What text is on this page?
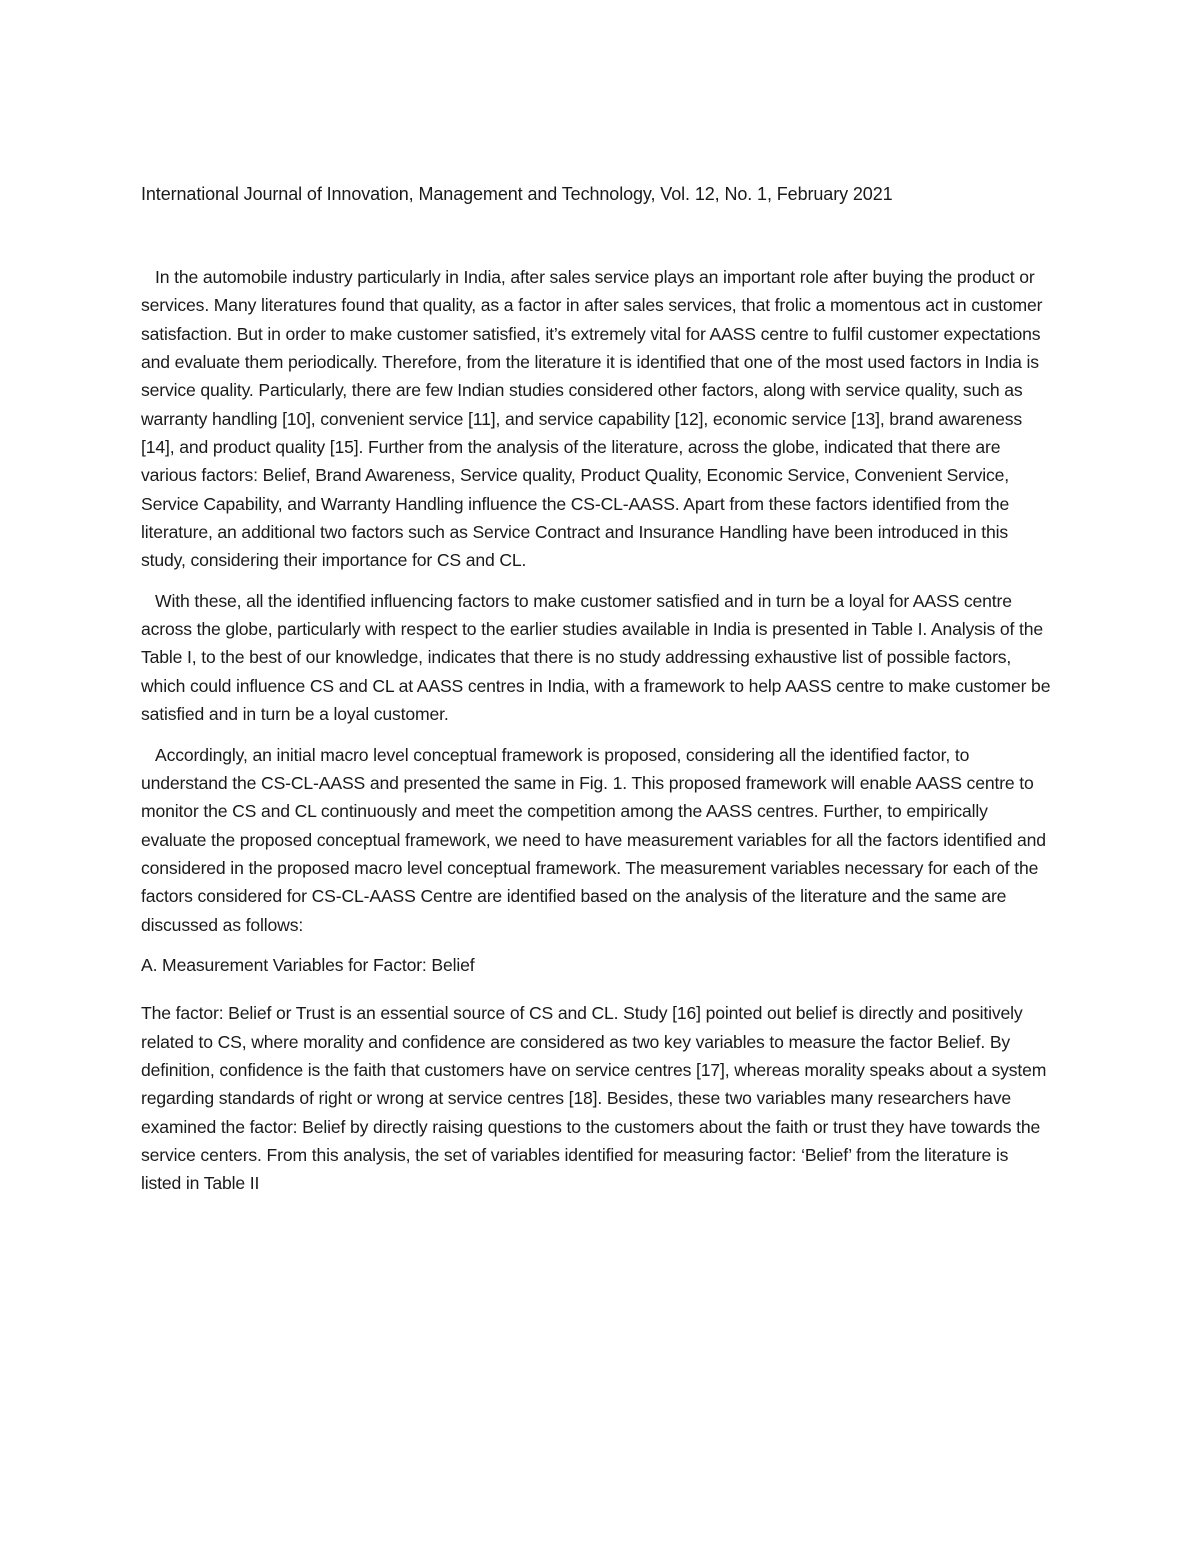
International Journal of Innovation, Management and Technology, Vol. 12, No. 1, February 2021

In the automobile industry particularly in India, after sales service plays an important role after buying the product or services. Many literatures found that quality, as a factor in after sales services, that frolic a momentous act in customer satisfaction. But in order to make customer satisfied, it’s extremely vital for AASS centre to fulfil customer expectations and evaluate them periodically. Therefore, from the literature it is identified that one of the most used factors in India is service quality. Particularly, there are few Indian studies considered other factors, along with service quality, such as warranty handling [10], convenient service [11], and service capability [12], economic service [13], brand awareness [14], and product quality [15]. Further from the analysis of the literature, across the globe, indicated that there are various factors: Belief, Brand Awareness, Service quality, Product Quality, Economic Service, Convenient Service, Service Capability, and Warranty Handling influence the CS-CL-AASS. Apart from these factors identified from the literature, an additional two factors such as Service Contract and Insurance Handling have been introduced in this study, considering their importance for CS and CL.

With these, all the identified influencing factors to make customer satisfied and in turn be a loyal for AASS centre across the globe, particularly with respect to the earlier studies available in India is presented in Table I. Analysis of the Table I, to the best of our knowledge, indicates that there is no study addressing exhaustive list of possible factors, which could influence CS and CL at AASS centres in India, with a framework to help AASS centre to make customer be satisfied and in turn be a loyal customer.

Accordingly, an initial macro level conceptual framework is proposed, considering all the identified factor, to understand the CS-CL-AASS and presented the same in Fig. 1. This proposed framework will enable AASS centre to monitor the CS and CL continuously and meet the competition among the AASS centres. Further, to empirically evaluate the proposed conceptual framework, we need to have measurement variables for all the factors identified and considered in the proposed macro level conceptual framework. The measurement variables necessary for each of the factors considered for CS-CL-AASS Centre are identified based on the analysis of the literature and the same are discussed as follows:

A. Measurement Variables for Factor: Belief

The factor: Belief or Trust is an essential source of CS and CL. Study [16] pointed out belief is directly and positively related to CS, where morality and confidence are considered as two key variables to measure the factor Belief. By definition, confidence is the faith that customers have on service centres [17], whereas morality speaks about a system regarding standards of right or wrong at service centres [18]. Besides, these two variables many researchers have examined the factor: Belief by directly raising questions to the customers about the faith or trust they have towards the service centers. From this analysis, the set of variables identified for measuring factor: ‘Belief’ from the literature is listed in Table II
